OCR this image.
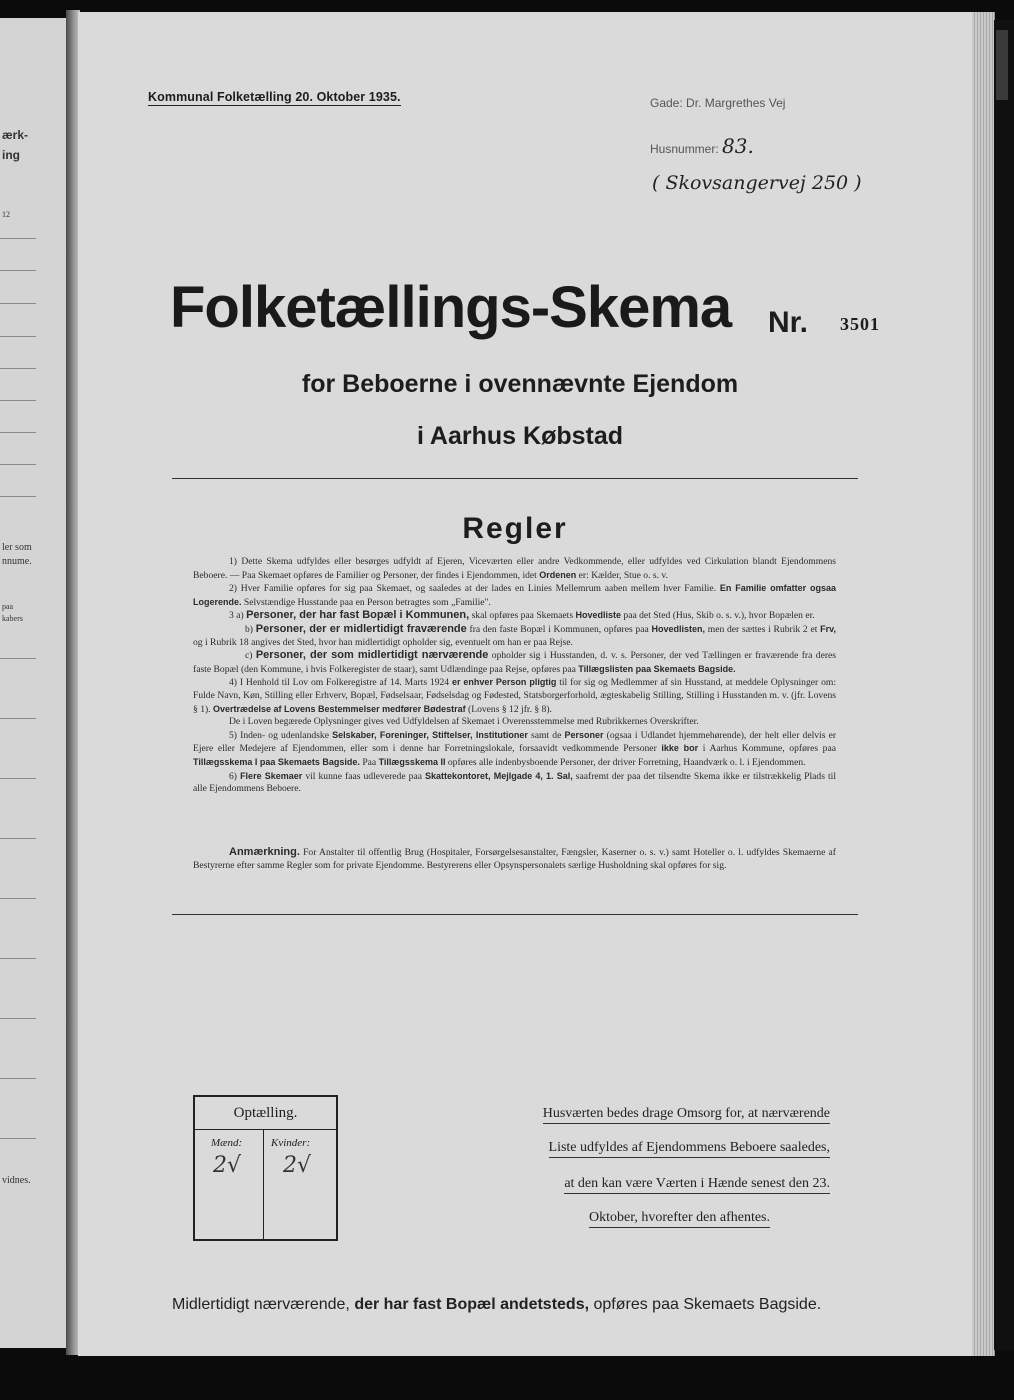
ærk-
ing
12
ler som
nnume.
paa
kabers
vidnes.
Kommunal Folketælling 20. Oktober 1935.	Gade: Dr. Margrethes Vej
Husnummer: 83.
( Skovsangervej 250 )
Folketællings-Skema Nr. 3501
for Beboerne i ovennævnte Ejendom
i Aarhus Købstad
Regler

1) Dette Skema udfyldes eller besørges udfyldt af Ejeren, Viceværten eller andre Vedkommende, eller udfyldes ved Cirkulation blandt Ejendommens Beboere. — Paa Skemaet opføres de Familier og Personer, der findes i Ejendommen, idet Ordenen er: Kælder, Stue o. s. v.

2) Hver Familie opføres for sig paa Skemaet, og saaledes at der lades en Linies Mellemrum aaben mellem hver Familie. En Familie omfatter ogsaa Logerende. Selvstændige Husstande paa en Person betragtes som „Familie".

3 a) Personer, der har fast Bopæl i Kommunen, skal opføres paa Skemaets Hovedliste paa det Sted (Hus, Skib o. s. v.), hvor Bopælen er.

b) Personer, der er midlertidigt fraværende fra den faste Bopæl i Kommunen, opføres paa Hovedlisten, men der sættes i Rubrik 2 et Frv, og i Rubrik 18 angives det Sted, hvor han midlertidigt opholder sig, eventuelt om han er paa Rejse.

c) Personer, der som midlertidigt nærværende opholder sig i Husstanden, d. v. s. Personer, der ved Tællingen er fraværende fra deres faste Bopæl (den Kommune, i hvis Folkeregister de staar), samt Udlændinge paa Rejse, opføres paa Tillægslisten paa Skemaets Bagside.

4) I Henhold til Lov om Folkeregistre af 14. Marts 1924 er enhver Person pligtig til for sig og Medlemmer af sin Husstand, at meddele Oplysninger om: Fulde Navn, Køn, Stilling eller Erhverv, Bopæl, Fødselsaar, Fødselsdag og Fødested, Statsborgerforhold, ægteskabelig Stilling, Stilling i Husstanden m. v. (jfr. Lovens § 1). Overtrædelse af Lovens Bestemmelser medfører Bødestraf (Lovens § 12 jfr. § 8).

De i Loven begærede Oplysninger gives ved Udfyldelsen af Skemaet i Overensstemmelse med Rubrikkernes Overskrifter.

5) Inden- og udenlandske Selskaber, Foreninger, Stiftelser, Institutioner samt de Personer (ogsaa i Udlandet hjemmehørende), der helt eller delvis er Ejere eller Medejere af Ejendommen, eller som i denne har Forretningslokale, forsaavidt vedkommende Personer ikke bor i Aarhus Kommune, opføres paa Tillægsskema I paa Skemaets Bagside. Paa Tillægsskema II opføres alle indenbysboende Personer, der driver Forretning, Haandværk o. l. i Ejendommen.

6) Flere Skemaer vil kunne faas udleverede paa Skattekontoret, Mejlgade 4, 1. Sal, saafremt der paa det tilsendte Skema ikke er tilstrækkelig Plads til alle Ejendommens Beboere.

Anmærkning. For Anstalter til offentlig Brug (Hospitaler, Forsørgelsesanstalter, Fængsler, Kaserner o. s. v.) samt Hoteller o. l. udfyldes Skemaerne af Bestyrerne efter samme Regler som for private Ejendomme. Bestyrerens eller Opsynspersonalets særlige Husholdning skal opføres for sig.

Optælling.
Mænd:	Kvinder:
2√ 2√
Husværten bedes drage Omsorg for, at nærværende
Liste udfyldes af Ejendommens Beboere saaledes,
at den kan være Værten i Hænde senest den 23.
Oktober, hvorefter den afhentes.
Midlertidigt nærværende, der har fast Bopæl andetsteds, opføres paa Skemaets Bagside.
